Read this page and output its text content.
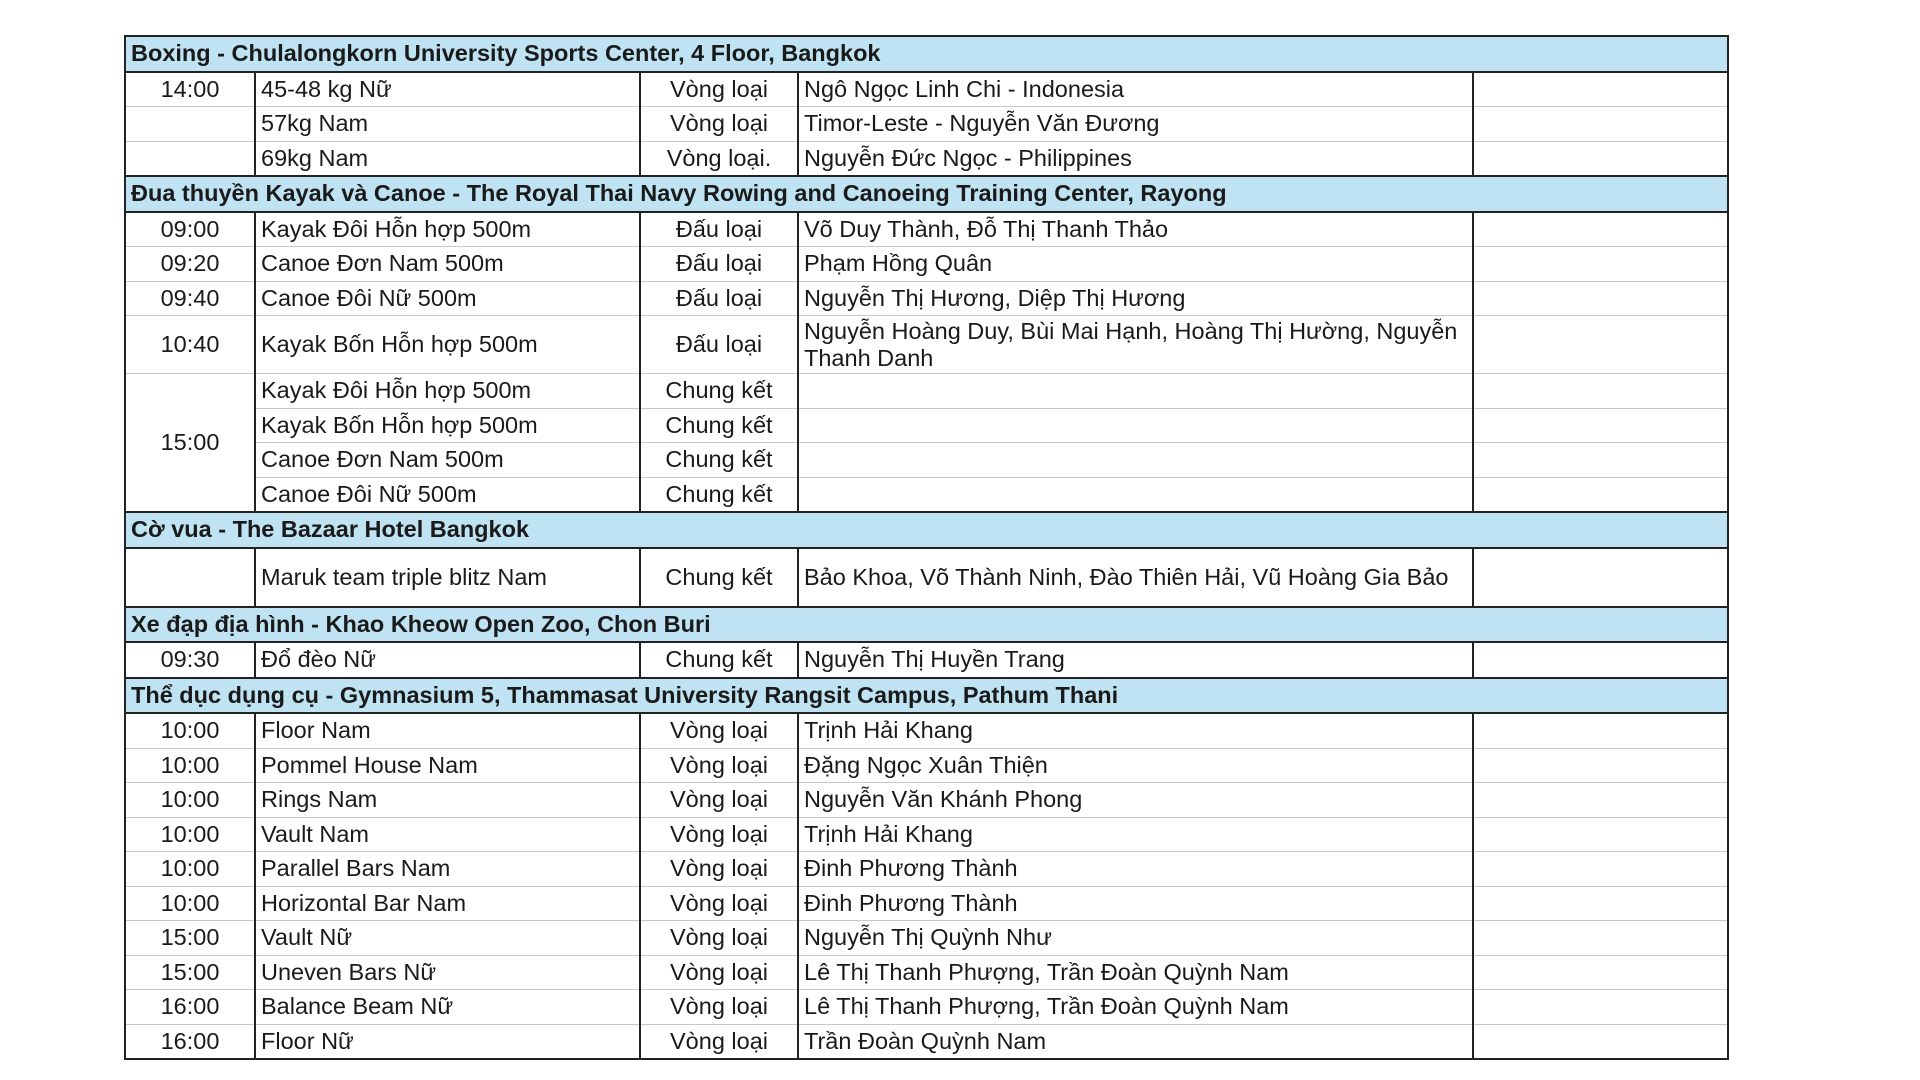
Boxing - Chulalongkorn University Sports Center, 4 Floor, Bangkok				
14:00	45-48 kg Nữ	Vòng loại	Ngô Ngọc Linh Chi - Indonesia	
	57kg Nam	Vòng loại	Timor-Leste - Nguyễn Văn Đương	
	69kg Nam	Vòng loại.	Nguyễn Đức Ngọc - Philippines	
Đua thuyền Kayak và Canoe - The Royal Thai Navy Rowing and Canoeing Training Center, Rayong				
09:00	Kayak Đôi Hỗn hợp 500m	Đấu loại	Võ Duy Thành, Đỗ Thị Thanh Thảo	
09:20	Canoe Đơn Nam 500m	Đấu loại	Phạm Hồng Quân	
09:40	Canoe Đôi Nữ 500m	Đấu loại	Nguyễn Thị Hương, Diệp Thị Hương	
10:40	Kayak Bốn Hỗn hợp 500m	Đấu loại	Nguyễn Hoàng Duy, Bùi Mai Hạnh, Hoàng Thị Hường, Nguyễn Thanh Danh	
15:00	Kayak Đôi Hỗn hợp 500m	Chung kết		
	Kayak Bốn Hỗn hợp 500m	Chung kết		
	Canoe Đơn Nam 500m	Chung kết		
	Canoe Đôi Nữ 500m	Chung kết		
Cờ vua - The Bazaar Hotel Bangkok				
	Maruk team triple blitz Nam	Chung kết	Bảo Khoa, Võ Thành Ninh, Đào Thiên Hải, Vũ Hoàng Gia Bảo	
Xe đạp địa hình - Khao Kheow Open Zoo, Chon Buri				
09:30	Đổ đèo Nữ	Chung kết	Nguyễn Thị Huyền Trang	
Thể dục dụng cụ - Gymnasium 5, Thammasat University Rangsit Campus, Pathum Thani				
10:00	Floor Nam	Vòng loại	Trịnh Hải Khang	
10:00	Pommel House Nam	Vòng loại	Đặng Ngọc Xuân Thiện	
10:00	Rings Nam	Vòng loại	Nguyễn Văn Khánh Phong	
10:00	Vault Nam	Vòng loại	Trịnh Hải Khang	
10:00	Parallel Bars Nam	Vòng loại	Đinh Phương Thành	
10:00	Horizontal Bar Nam	Vòng loại	Đinh Phương Thành	
15:00	Vault Nữ	Vòng loại	Nguyễn Thị Quỳnh Như	
15:00	Uneven Bars Nữ	Vòng loại	Lê Thị Thanh Phượng, Trần Đoàn Quỳnh Nam	
16:00	Balance Beam Nữ	Vòng loại	Lê Thị Thanh Phượng, Trần Đoàn Quỳnh Nam	
16:00	Floor Nữ	Vòng loại	Trần Đoàn Quỳnh Nam	
